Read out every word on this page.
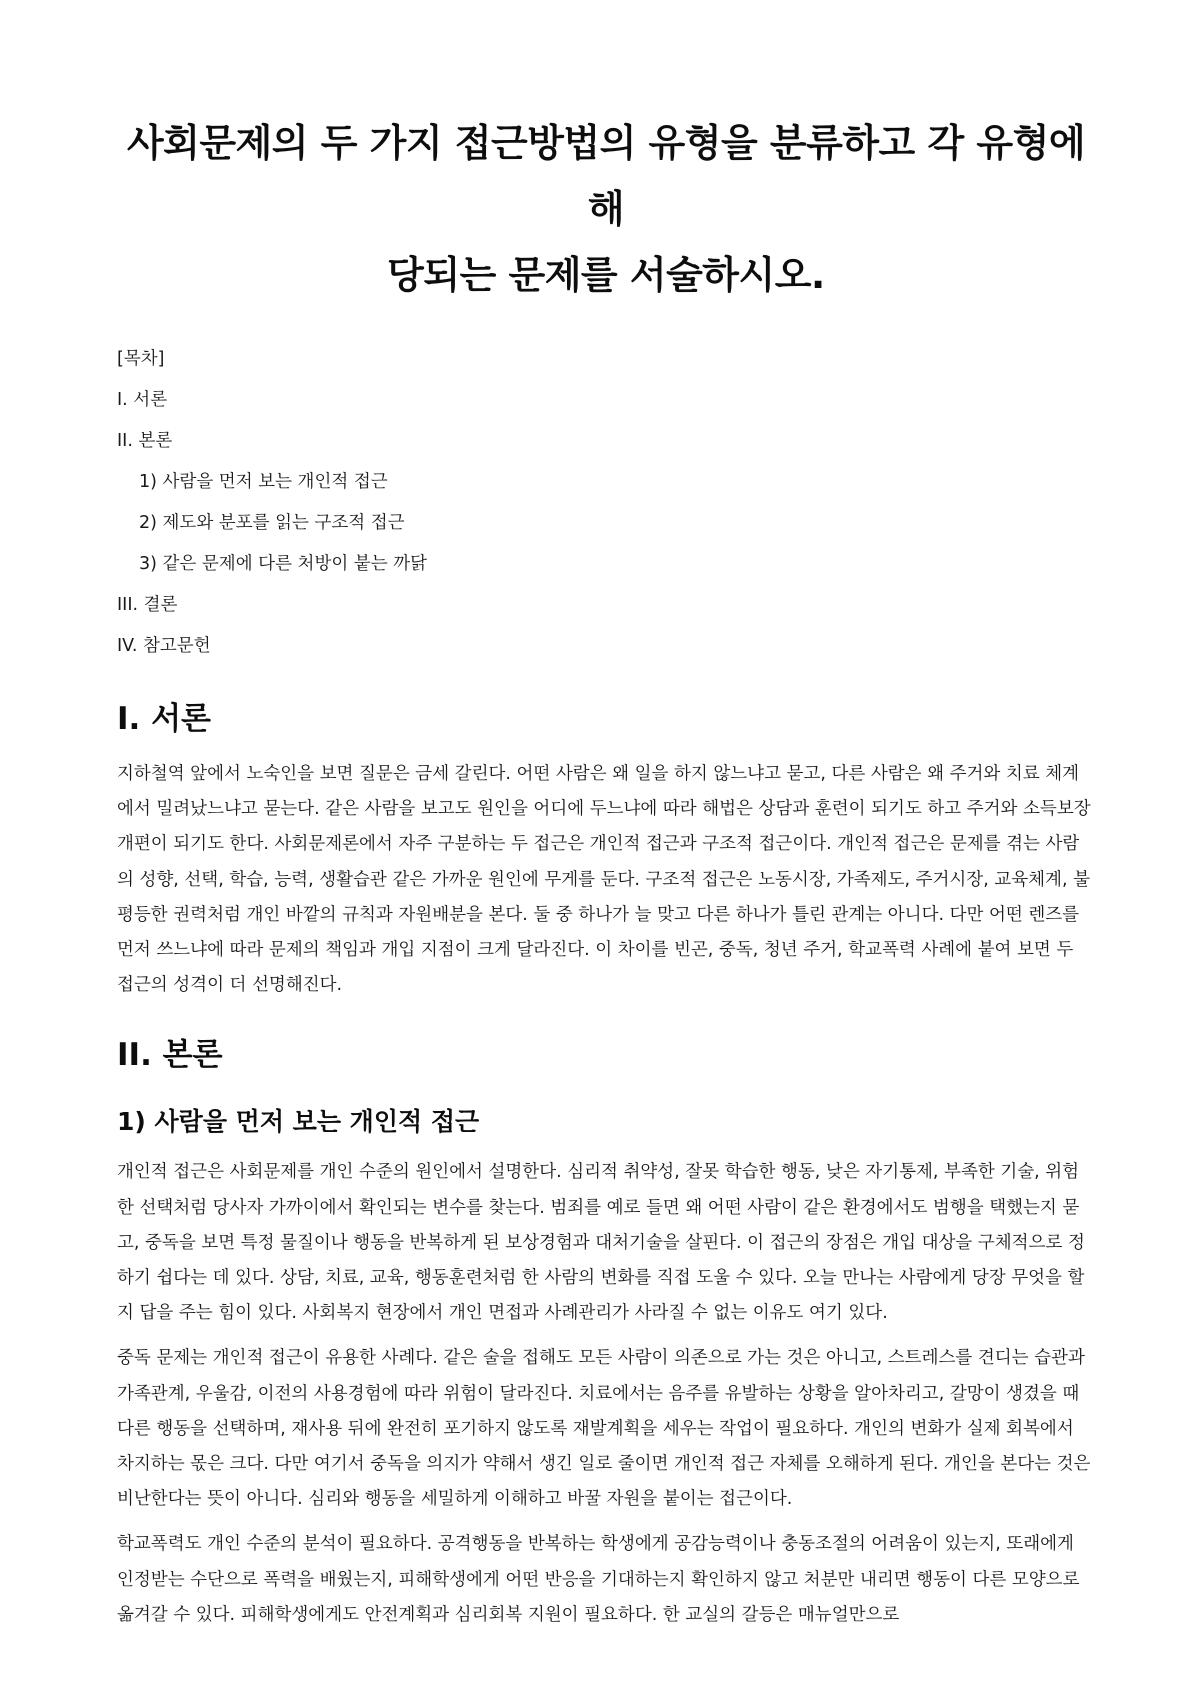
사회문제의 두 가지 접근방법의 유형을 분류하고 각 유형에 해
당되는 문제를 서술하시오.
[목차]
I. 서론
II. 본론
1) 사람을 먼저 보는 개인적 접근
2) 제도와 분포를 읽는 구조적 접근
3) 같은 문제에 다른 처방이 붙는 까닭
III. 결론
IV. 참고문헌
I. 서론

지하철역 앞에서 노숙인을 보면 질문은 금세 갈린다. 어떤 사람은 왜 일을 하지 않느냐고 묻고, 다른 사람은 왜 주거와 치료 체계에서 밀려났느냐고 묻는다. 같은 사람을 보고도 원인을 어디에 두느냐에 따라 해법은 상담과 훈련이 되기도 하고 주거와 소득보장 개편이 되기도 한다. 사회문제론에서 자주 구분하는 두 접근은 개인적 접근과 구조적 접근이다. 개인적 접근은 문제를 겪는 사람의 성향, 선택, 학습, 능력, 생활습관 같은 가까운 원인에 무게를 둔다. 구조적 접근은 노동시장, 가족제도, 주거시장, 교육체계, 불평등한 권력처럼 개인 바깥의 규칙과 자원배분을 본다. 둘 중 하나가 늘 맞고 다른 하나가 틀린 관계는 아니다. 다만 어떤 렌즈를 먼저 쓰느냐에 따라 문제의 책임과 개입 지점이 크게 달라진다. 이 차이를 빈곤, 중독, 청년 주거, 학교폭력 사례에 붙여 보면 두 접근의 성격이 더 선명해진다.

II. 본론
1) 사람을 먼저 보는 개인적 접근

개인적 접근은 사회문제를 개인 수준의 원인에서 설명한다. 심리적 취약성, 잘못 학습한 행동, 낮은 자기통제, 부족한 기술, 위험한 선택처럼 당사자 가까이에서 확인되는 변수를 찾는다. 범죄를 예로 들면 왜 어떤 사람이 같은 환경에서도 범행을 택했는지 묻고, 중독을 보면 특정 물질이나 행동을 반복하게 된 보상경험과 대처기술을 살핀다. 이 접근의 장점은 개입 대상을 구체적으로 정하기 쉽다는 데 있다. 상담, 치료, 교육, 행동훈련처럼 한 사람의 변화를 직접 도울 수 있다. 오늘 만나는 사람에게 당장 무엇을 할지 답을 주는 힘이 있다. 사회복지 현장에서 개인 면접과 사례관리가 사라질 수 없는 이유도 여기 있다.

중독 문제는 개인적 접근이 유용한 사례다. 같은 술을 접해도 모든 사람이 의존으로 가는 것은 아니고, 스트레스를 견디는 습관과 가족관계, 우울감, 이전의 사용경험에 따라 위험이 달라진다. 치료에서는 음주를 유발하는 상황을 알아차리고, 갈망이 생겼을 때 다른 행동을 선택하며, 재사용 뒤에 완전히 포기하지 않도록 재발계획을 세우는 작업이 필요하다. 개인의 변화가 실제 회복에서 차지하는 몫은 크다. 다만 여기서 중독을 의지가 약해서 생긴 일로 줄이면 개인적 접근 자체를 오해하게 된다. 개인을 본다는 것은 비난한다는 뜻이 아니다. 심리와 행동을 세밀하게 이해하고 바꿀 자원을 붙이는 접근이다.

학교폭력도 개인 수준의 분석이 필요하다. 공격행동을 반복하는 학생에게 공감능력이나 충동조절의 어려움이 있는지, 또래에게 인정받는 수단으로 폭력을 배웠는지, 피해학생에게 어떤 반응을 기대하는지 확인하지 않고 처분만 내리면 행동이 다른 모양으로 옮겨갈 수 있다. 피해학생에게도 안전계획과 심리회복 지원이 필요하다. 한 교실의 갈등은 매뉴얼만으로
